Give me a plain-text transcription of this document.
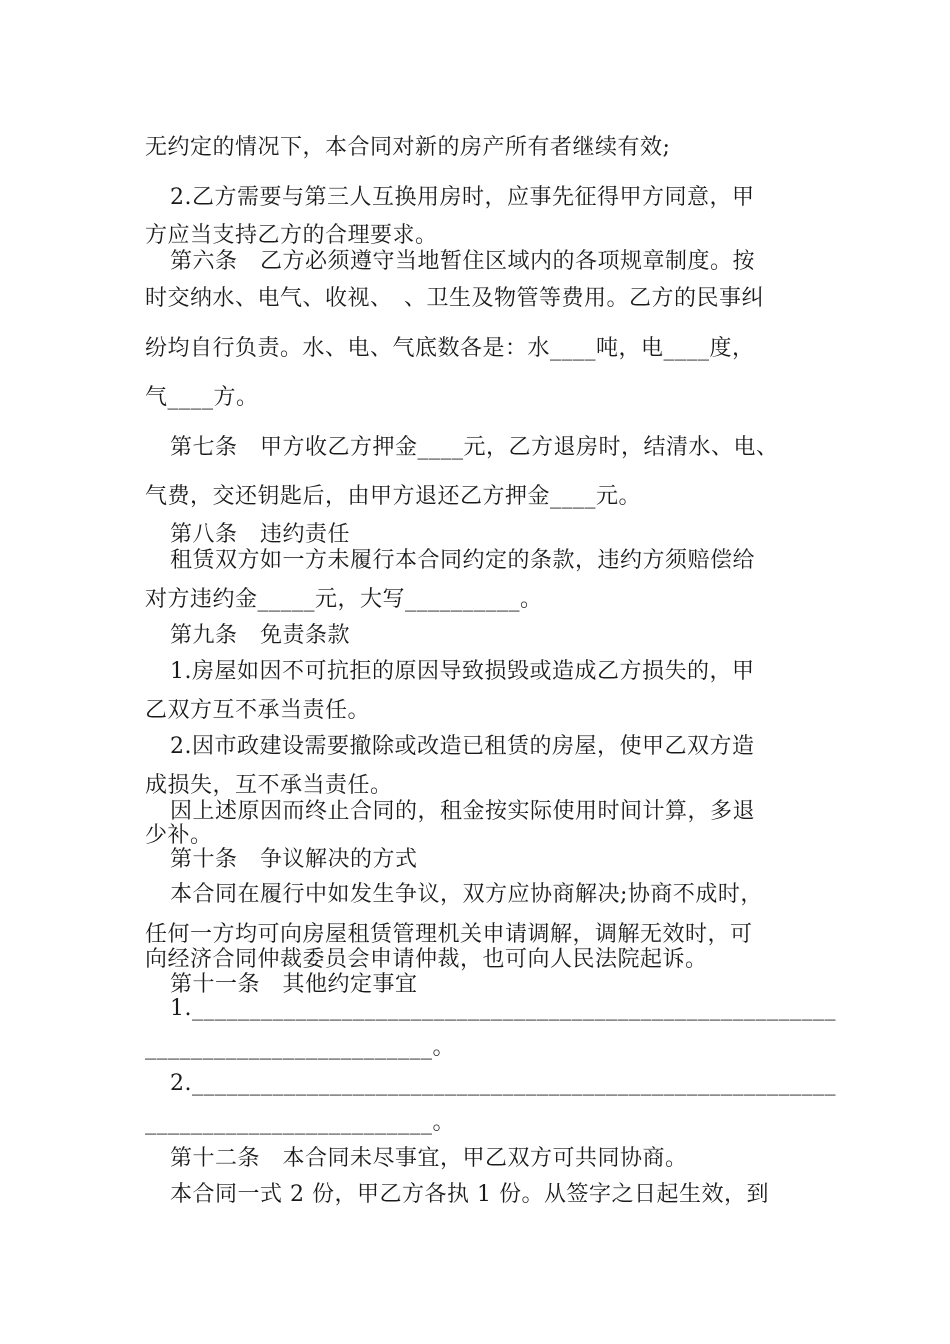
无约定的情况下，本合同对新的房产所有者继续有效;
2.乙方需要与第三人互换用房时，应事先征得甲方同意，甲
方应当支持乙方的合理要求。
第六条　乙方必须遵守当地暂住区域内的各项规章制度。按
时交纳水、电气、收视、　、卫生及物管等费用。乙方的民事纠
纷均自行负责。水、电、气底数各是：水____吨，电____度，
气____方。
第七条　甲方收乙方押金____元，乙方退房时，结清水、电、
气费，交还钥匙后，由甲方退还乙方押金____元。
第八条　违约责任
租赁双方如一方未履行本合同约定的条款，违约方须赔偿给
对方违约金_____元，大写__________。
第九条　免责条款
1.房屋如因不可抗拒的原因导致损毁或造成乙方损失的，甲
乙双方互不承当责任。
2.因市政建设需要撤除或改造已租赁的房屋，使甲乙双方造
成损失，互不承当责任。
因上述原因而终止合同的，租金按实际使用时间计算，多退
少补。
第十条　争议解决的方式
本合同在履行中如发生争议，双方应协商解决;协商不成时，
任何一方均可向房屋租赁管理机关申请调解，调解无效时，可
向经济合同仲裁委员会申请仲裁，也可向人民法院起诉。
第十一条　其他约定事宜
1.________________________________________________________
_________________________。
2.________________________________________________________
_________________________。
第十二条　本合同未尽事宜，甲乙双方可共同协商。
本合同一式 2 份，甲乙方各执 1 份。从签字之日起生效，到
